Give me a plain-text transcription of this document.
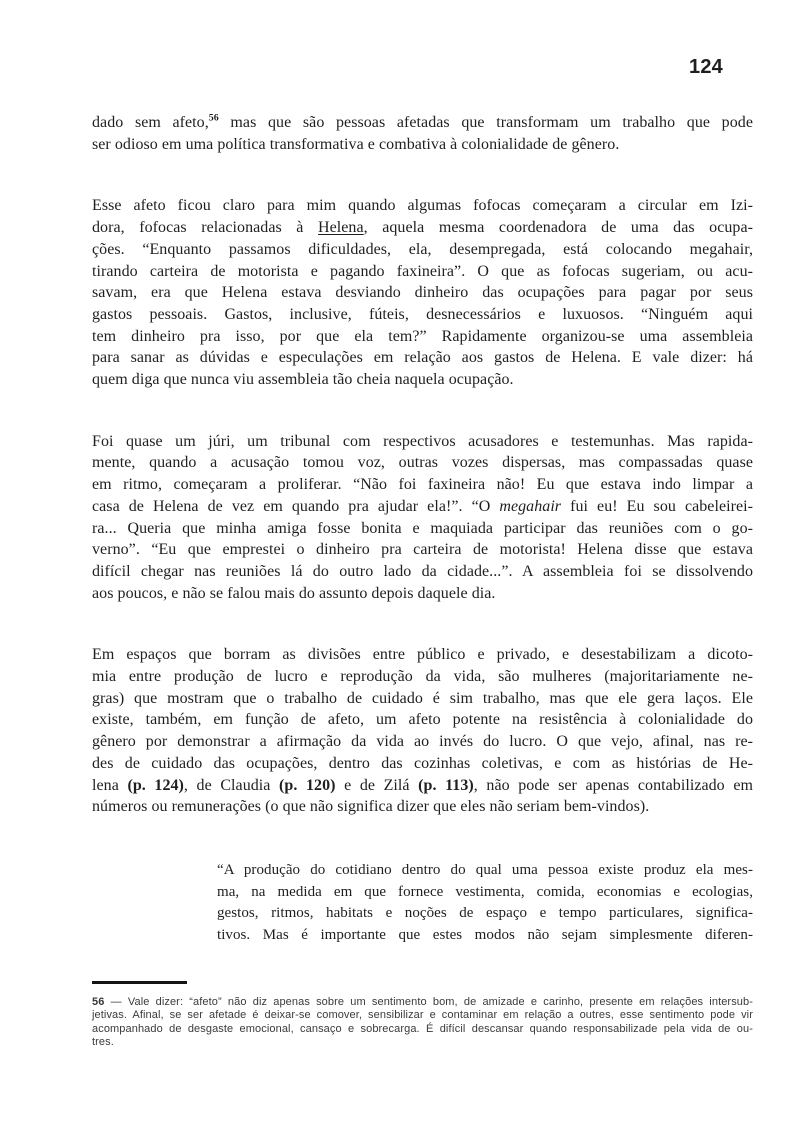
124
dado sem afeto,$^{56}$ mas que são pessoas afetadas que transformam um trabalho que pode
ser odioso em uma política transformativa e combativa à colonialidade de gênero.
Esse afeto ficou claro para mim quando algumas fofocas começaram a circular em Izi-
dora, fofocas relacionadas à Helena, aquela mesma coordenadora de uma das ocupa-
ções. “Enquanto passamos dificuldades, ela, desempregada, está colocando megahair,
tirando carteira de motorista e pagando faxineira”. O que as fofocas sugeriam, ou acu-
savam, era que Helena estava desviando dinheiro das ocupações para pagar por seus
gastos pessoais. Gastos, inclusive, fúteis, desnecessários e luxuosos. “Ninguém aqui
tem dinheiro pra isso, por que ela tem?” Rapidamente organizou-se uma assembleia
para sanar as dúvidas e especulações em relação aos gastos de Helena. E vale dizer: há
quem diga que nunca viu assembleia tão cheia naquela ocupação.
Foi quase um júri, um tribunal com respectivos acusadores e testemunhas. Mas rapida-
mente, quando a acusação tomou voz, outras vozes dispersas, mas compassadas quase
em ritmo, começaram a proliferar. “Não foi faxineira não! Eu que estava indo limpar a
casa de Helena de vez em quando pra ajudar ela!”. “O megahair fui eu! Eu sou cabeleirei-
ra... Queria que minha amiga fosse bonita e maquiada participar das reuniões com o go-
verno”. “Eu que emprestei o dinheiro pra carteira de motorista! Helena disse que estava
difícil chegar nas reuniões lá do outro lado da cidade...”. A assembleia foi se dissolvendo
aos poucos, e não se falou mais do assunto depois daquele dia.
Em espaços que borram as divisões entre público e privado, e desestabilizam a dicoto-
mia entre produção de lucro e reprodução da vida, são mulheres (majoritariamente ne-
gras) que mostram que o trabalho de cuidado é sim trabalho, mas que ele gera laços. Ele
existe, também, em função de afeto, um afeto potente na resistência à colonialidade do
gênero por demonstrar a afirmação da vida ao invés do lucro. O que vejo, afinal, nas re-
des de cuidado das ocupações, dentro das cozinhas coletivas, e com as histórias de He-
lena (p. 124), de Claudia (p. 120) e de Zilá (p. 113), não pode ser apenas contabilizado em
números ou remunerações (o que não significa dizer que eles não seriam bem-vindos).
“A produção do cotidiano dentro do qual uma pessoa existe produz ela mes-
ma, na medida em que fornece vestimenta, comida, economias e ecologias,
gestos, ritmos, habitats e noções de espaço e tempo particulares, significa-
tivos. Mas é importante que estes modos não sejam simplesmente diferen-
56 — Vale dizer: “afeto” não diz apenas sobre um sentimento bom, de amizade e carinho, presente em relações intersub-
jetivas. Afinal, se ser afetade é deixar-se comover, sensibilizar e contaminar em relação a outres, esse sentimento pode vir
acompanhado de desgaste emocional, cansaço e sobrecarga. É difícil descansar quando responsabilizade pela vida de ou-
tres.
